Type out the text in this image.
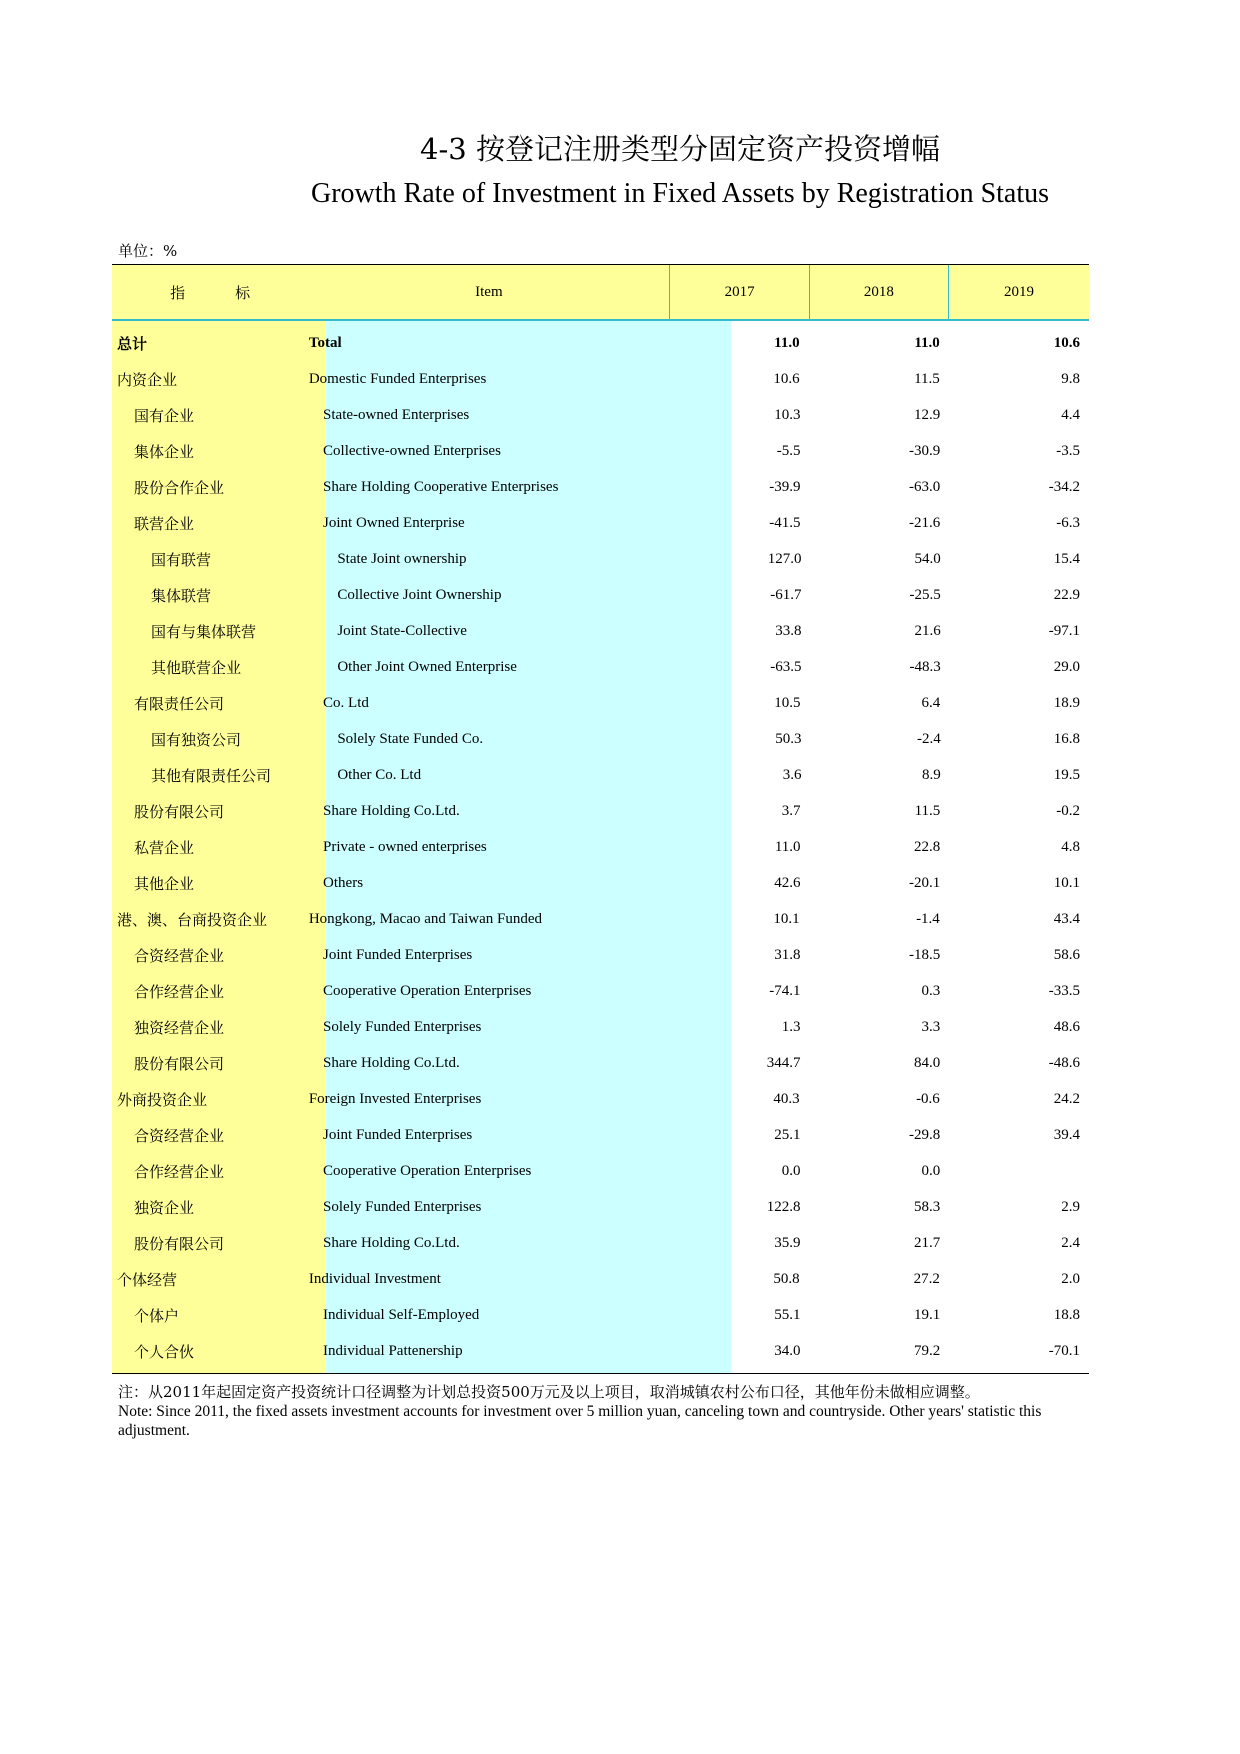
4-3 按登记注册类型分固定资产投资增幅
Growth Rate of Investment in Fixed Assets by Registration Status
单位：%
指标	Item	2017	2018	2019
总计	Total	11.0	11.0	10.6
内资企业	Domestic Funded Enterprises	10.6	11.5	9.8
国有企业	State-owned Enterprises	10.3	12.9	4.4
集体企业	Collective-owned Enterprises	-5.5	-30.9	-3.5
股份合作企业	Share Holding Cooperative Enterprises	-39.9	-63.0	-34.2
联营企业	Joint Owned Enterprise	-41.5	-21.6	-6.3
国有联营	State Joint ownership	127.0	54.0	15.4
集体联营	Collective Joint Ownership	-61.7	-25.5	22.9
国有与集体联营	Joint State-Collective	33.8	21.6	-97.1
其他联营企业	Other Joint Owned Enterprise	-63.5	-48.3	29.0
有限责任公司	Co. Ltd	10.5	6.4	18.9
国有独资公司	Solely State Funded Co.	50.3	-2.4	16.8
其他有限责任公司	Other Co. Ltd	3.6	8.9	19.5
股份有限公司	Share Holding Co.Ltd.	3.7	11.5	-0.2
私营企业	Private - owned enterprises	11.0	22.8	4.8
其他企业	Others	42.6	-20.1	10.1
港、澳、台商投资企业	Hongkong, Macao and Taiwan Funded	10.1	-1.4	43.4
合资经营企业	Joint Funded Enterprises	31.8	-18.5	58.6
合作经营企业	Cooperative Operation Enterprises	-74.1	0.3	-33.5
独资经营企业	Solely Funded Enterprises	1.3	3.3	48.6
股份有限公司	Share Holding Co.Ltd.	344.7	84.0	-48.6
外商投资企业	Foreign Invested Enterprises	40.3	-0.6	24.2
合资经营企业	Joint Funded Enterprises	25.1	-29.8	39.4
合作经营企业	Cooperative Operation Enterprises	0.0	0.0
独资企业	Solely Funded Enterprises	122.8	58.3	2.9
股份有限公司	Share Holding Co.Ltd.	35.9	21.7	2.4
个体经营	Individual Investment	50.8	27.2	2.0
个体户	Individual Self-Employed	55.1	19.1	18.8
个人合伙	Individual Pattenership	34.0	79.2	-70.1
注：从2011年起固定资产投资统计口径调整为计划总投资500万元及以上项目，取消城镇农村公布口径，其他年份未做相应调整。
Note: Since 2011, the fixed assets investment accounts for investment over 5 million yuan, canceling town and countryside. Other years' statistic this adjustment.
